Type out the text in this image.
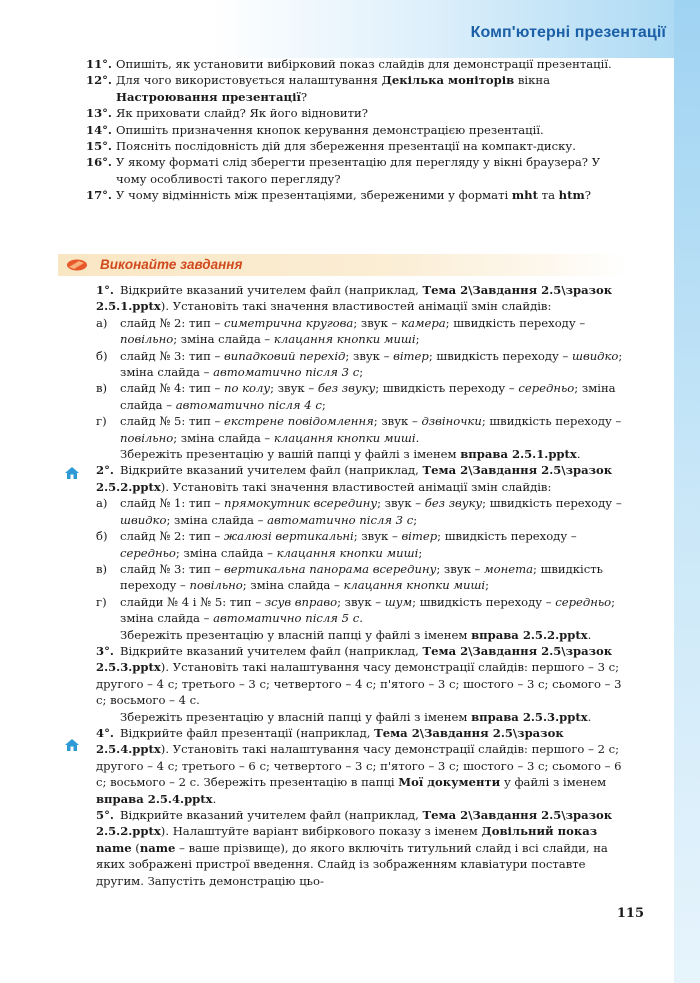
Комп'ютерні презентації
11°. Опишіть, як установити вибірковий показ слайдів для демонстрації презентації.
12°. Для чого використовується налаштування Декілька моніторів вікна Настроювання презентації?
13°. Як приховати слайд? Як його відновити?
14°. Опишіть призначення кнопок керування демонстрацією презентації.
15°. Поясніть послідовність дій для збереження презентації на компакт-диску.
16°. У якому форматі слід зберегти презентацію для перегляду у вікні браузера? У чому особливості такого перегляду?
17°. У чому відмінність між презентаціями, збереженими у форматі mht та htm?
Виконайте завдання

1°. Відкрийте вказаний учителем файл (наприклад, Тема 2\Завдання 2.5\зразок 2.5.1.pptx). Установіть такі значення властивостей анімації змін слайдів:

а)	слайд № 2: тип – симетрична кругова; звук – камера; швидкість переходу – повільно; зміна слайда – клацання кнопки миші;
б)	слайд № 3: тип – випадковий перехід; звук – вітер; швидкість переходу – швидко; зміна слайда – автоматично після 3 с;
в)	слайд № 4: тип – по колу; звук – без звуку; швидкість переходу – середньо; зміна слайда – автоматично після 4 с;
г)	слайд № 5: тип – екстрене повідомлення; звук – дзвіночки; швидкість переходу – повільно; зміна слайда – клацання кнопки миші.

Збережіть презентацію у вашій папці у файлі з іменем вправа 2.5.1.pptx.

2°. Відкрийте вказаний учителем файл (наприклад, Тема 2\Завдання 2.5\зразок 2.5.2.pptx). Установіть такі значення властивостей анімації змін слайдів:

а)	слайд № 1: тип – прямокутник всередину; звук – без звуку; швидкість переходу – швидко; зміна слайда – автоматично після 3 с;
б)	слайд № 2: тип – жалюзі вертикальні; звук – вітер; швидкість переходу – середньо; зміна слайда – клацання кнопки миші;
в)	слайд № 3: тип – вертикальна панорама всередину; звук – монета; швидкість переходу – повільно; зміна слайда – клацання кнопки миші;
г)	слайди № 4 і № 5: тип – зсув вправо; звук – шум; швидкість переходу – середньо; зміна слайда – автоматично після 5 с.

Збережіть презентацію у власній папці у файлі з іменем вправа 2.5.2.pptx.

3°. Відкрийте вказаний учителем файл (наприклад, Тема 2\Завдання 2.5\зразок 2.5.3.pptx). Установіть такі налаштування часу демонстрації слайдів: першого – 3 с; другого – 4 с; третього – 3 с; четвертого – 4 с; п'ятого – 3 с; шостого – 3 с; сьомого – 3 с; восьмого – 4 с.

Збережіть презентацію у власній папці у файлі з іменем вправа 2.5.3.pptx.

4°. Відкрийте файл презентації (наприклад, Тема 2\Завдання 2.5\зразок 2.5.4.pptx). Установіть такі налаштування часу демонстрації слайдів: першого – 2 с; другого – 4 с; третього – 6 с; четвертого – 3 с; п'ятого – 3 с; шостого – 3 с; сьомого – 6 с; восьмого – 2 с. Збережіть презентацію в папці Мої документи у файлі з іменем вправа 2.5.4.pptx.

5°. Відкрийте вказаний учителем файл (наприклад, Тема 2\Завдання 2.5\зразок 2.5.2.pptx). Налаштуйте варіант вибіркового показу з іменем Довільний показ name (name – ваше прізвище), до якого включіть титульний слайд і всі слайди, на яких зображені пристрої введення. Слайд із зображенням клавіатури поставте другим. Запустіть демонстрацію цьо-

115
